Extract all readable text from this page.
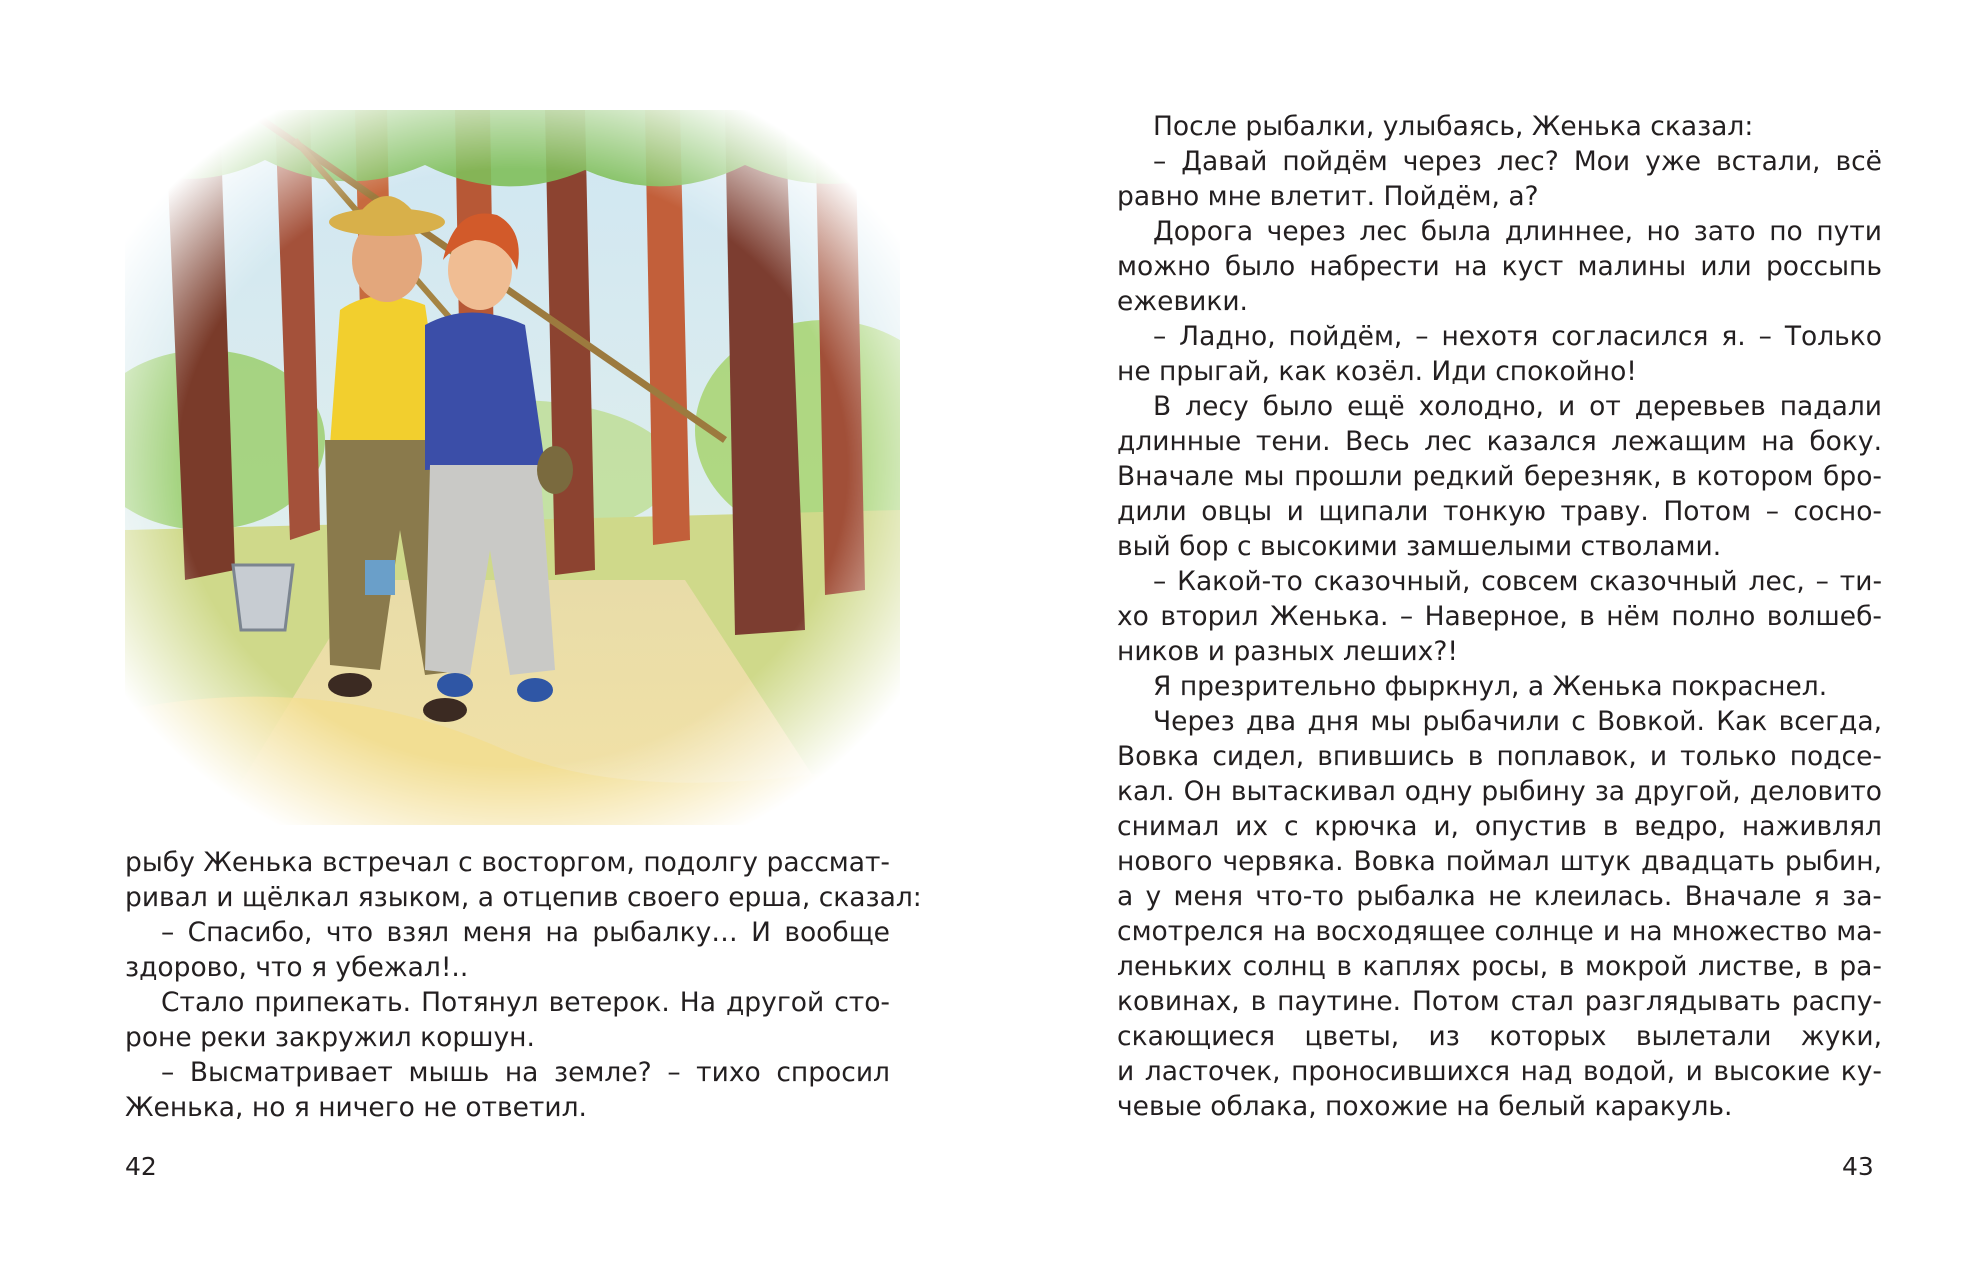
рыбу Женька встречал с восторгом, подолгу рассмат-
ривал и щёлкал языком, а отцепив своего ерша, сказал:
– Спасибо, что взял меня на рыбалку… И вообще
здорово, что я убежал!..
Стало припекать. Потянул ветерок. На другой сто-
роне реки закружил коршун.
– Высматривает мышь на земле? – тихо спросил
Женька, но я ничего не ответил.
42
После рыбалки, улыбаясь, Женька сказал:
– Давай пойдём через лес? Мои уже встали, всё
равно мне влетит. Пойдём, а?
Дорога через лес была длиннее, но зато по пути
можно было набрести на куст малины или россыпь
ежевики.
– Ладно, пойдём, – нехотя согласился я. – Только
не прыгай, как козёл. Иди спокойно!
В лесу было ещё холодно, и от деревьев падали
длинные тени. Весь лес казался лежащим на боку.
Вначале мы прошли редкий березняк, в котором бро-
дили овцы и щипали тонкую траву. Потом – сосно-
вый бор с высокими замшелыми стволами.
– Какой-то сказочный, совсем сказочный лес, – ти-
хо вторил Женька. – Наверное, в нём полно волшеб-
ников и разных леших?!
Я презрительно фыркнул, а Женька покраснел.
Через два дня мы рыбачили с Вовкой. Как всегда,
Вовка сидел, впившись в поплавок, и только подсе-
кал. Он вытаскивал одну рыбину за другой, деловито
снимал их с крючка и, опустив в ведро, наживлял
нового червяка. Вовка поймал штук двадцать рыбин,
а у меня что-то рыбалка не клеилась. Вначале я за-
смотрелся на восходящее солнце и на множество ма-
леньких солнц в каплях росы, в мокрой листве, в ра-
ковинах, в паутине. Потом стал разглядывать распу-
скающиеся цветы, из которых вылетали жуки,
и ласточек, проносившихся над водой, и высокие ку-
чевые облака, похожие на белый каракуль.
43
